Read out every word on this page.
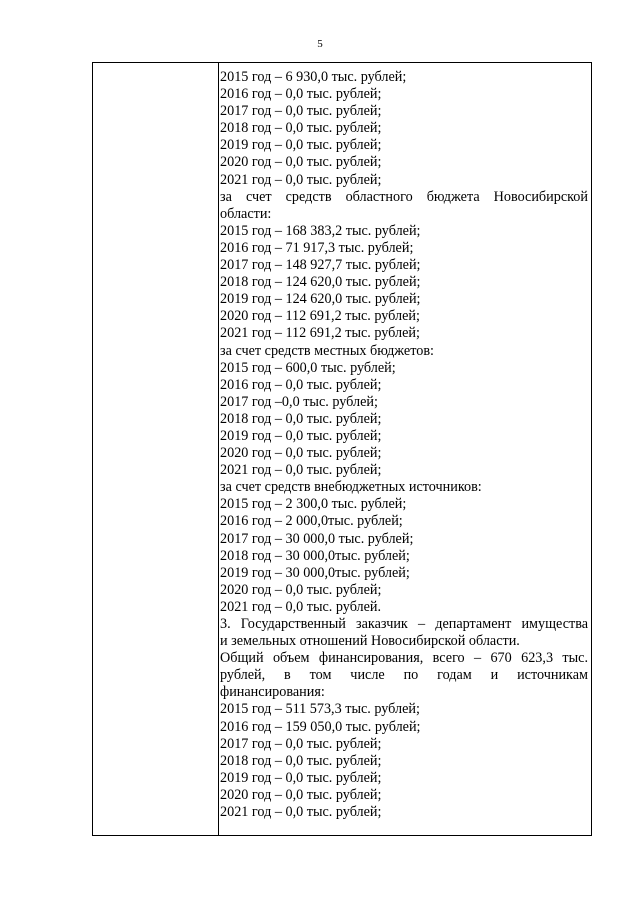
5
2015 год – 6 930,0 тыс. рублей;
2016 год – 0,0 тыс. рублей;
2017 год – 0,0 тыс. рублей;
2018 год – 0,0 тыс. рублей;
2019 год – 0,0 тыс. рублей;
2020 год – 0,0 тыс. рублей;
2021 год – 0,0 тыс. рублей;
за счет средств областного бюджета Новосибирской
области:
2015 год – 168 383,2 тыс. рублей;
2016 год – 71 917,3 тыс. рублей;
2017 год – 148 927,7 тыс. рублей;
2018 год – 124 620,0 тыс. рублей;
2019 год – 124 620,0 тыс. рублей;
2020 год – 112 691,2 тыс. рублей;
2021 год – 112 691,2 тыс. рублей;
за счет средств местных бюджетов:
2015 год – 600,0 тыс. рублей;
2016 год – 0,0 тыс. рублей;
2017 год –0,0 тыс. рублей;
2018 год – 0,0 тыс. рублей;
2019 год – 0,0 тыс. рублей;
2020 год – 0,0 тыс. рублей;
2021 год – 0,0 тыс. рублей;
за счет средств внебюджетных источников:
2015 год – 2 300,0 тыс. рублей;
2016 год – 2 000,0тыс. рублей;
2017 год – 30 000,0 тыс. рублей;
2018 год – 30 000,0тыс. рублей;
2019 год – 30 000,0тыс. рублей;
2020 год – 0,0 тыс. рублей;
2021 год – 0,0 тыс. рублей.
3. Государственный заказчик – департамент имущества
и земельных отношений Новосибирской области.
Общий объем финансирования, всего – 670 623,3 тыс.
рублей, в том числе по годам и источникам
финансирования:
2015 год – 511 573,3 тыс. рублей;
2016 год – 159 050,0 тыс. рублей;
2017 год – 0,0 тыс. рублей;
2018 год – 0,0 тыс. рублей;
2019 год – 0,0 тыс. рублей;
2020 год – 0,0 тыс. рублей;
2021 год – 0,0 тыс. рублей;
